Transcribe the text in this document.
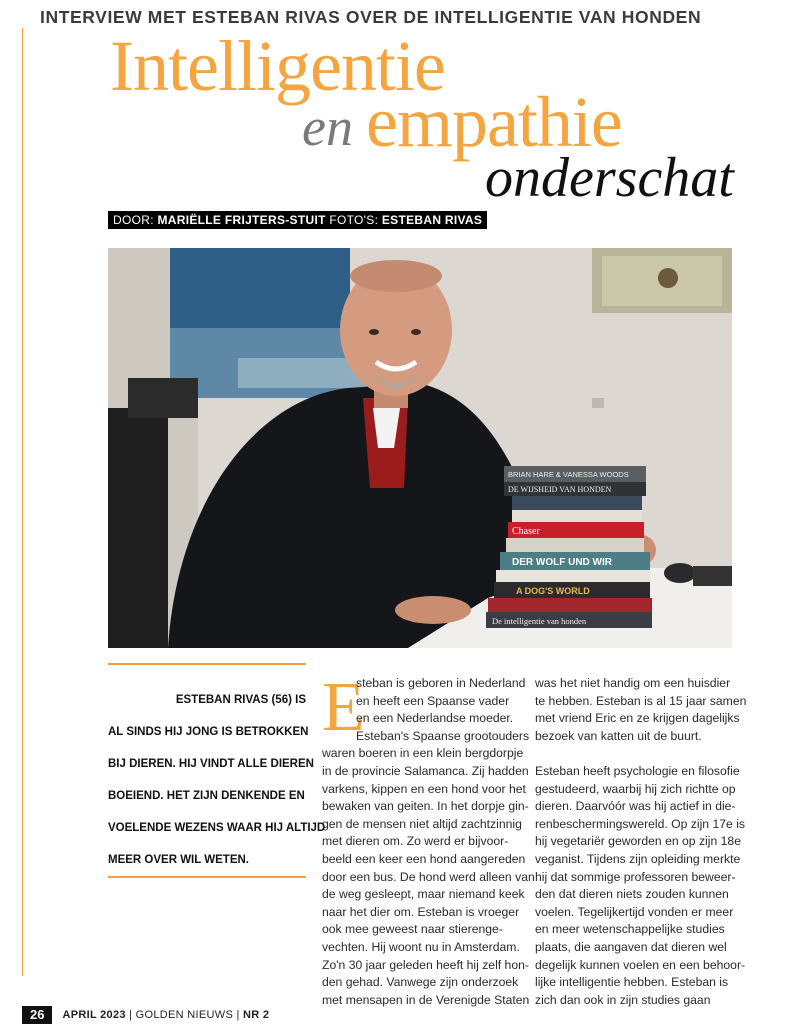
INTERVIEW MET ESTEBAN RIVAS OVER DE INTELLIGENTIE VAN HONDEN
Intelligentie
en empathie
onderschat
DOOR: MARIËLLE FRIJTERS-STUIT FOTO'S: ESTEBAN RIVAS
BRIAN HARE & VANESSA WOODS
DE WIJSHEID VAN HONDEN
Chaser
DER WOLF UND WIR
A DOG'S WORLD
De intelligentie van honden
ESTEBAN RIVAS (56) IS
AL SINDS HIJ JONG IS BETROKKEN
BIJ DIEREN. HIJ VINDT ALLE DIEREN
BOEIEND. HET ZIJN DENKENDE EN
VOELENDE WEZENS WAAR HIJ ALTIJD
MEER OVER WIL WETEN.
E
steban is geboren in Nederland
en heeft een Spaanse vader
en een Nederlandse moeder.
Esteban's Spaanse grootouders
waren boeren in een klein bergdorpje
in de provincie Salamanca. Zij hadden
varkens, kippen en een hond voor het
bewaken van geiten. In het dorpje gin-
gen de mensen niet altijd zachtzinnig
met dieren om. Zo werd er bijvoor-
beeld een keer een hond aangereden
door een bus. De hond werd alleen van
de weg gesleept, maar niemand keek
naar het dier om. Esteban is vroeger
ook mee geweest naar stierenge-
vechten. Hij woont nu in Amsterdam.
Zo'n 30 jaar geleden heeft hij zelf hon-
den gehad. Vanwege zijn onderzoek
met mensapen in de Verenigde Staten
was het niet handig om een huisdier
te hebben. Esteban is al 15 jaar samen
met vriend Eric en ze krijgen dagelijks
bezoek van katten uit de buurt.
Esteban heeft psychologie en filosofie
gestudeerd, waarbij hij zich richtte op
dieren. Daarvóór was hij actief in die-
renbeschermingswereld. Op zijn 17e is
hij vegetariër geworden en op zijn 18e
veganist. Tijdens zijn opleiding merkte
hij dat sommige professoren beweer-
den dat dieren niets zouden kunnen
voelen. Tegelijkertijd vonden er meer
en meer wetenschappelijke studies
plaats, die aangaven dat dieren wel
degelijk kunnen voelen en een behoor-
lijke intelligentie hebben. Esteban is
zich dan ook in zijn studies gaan
26	APRIL 2023 | GOLDEN NIEUWS | NR 2
